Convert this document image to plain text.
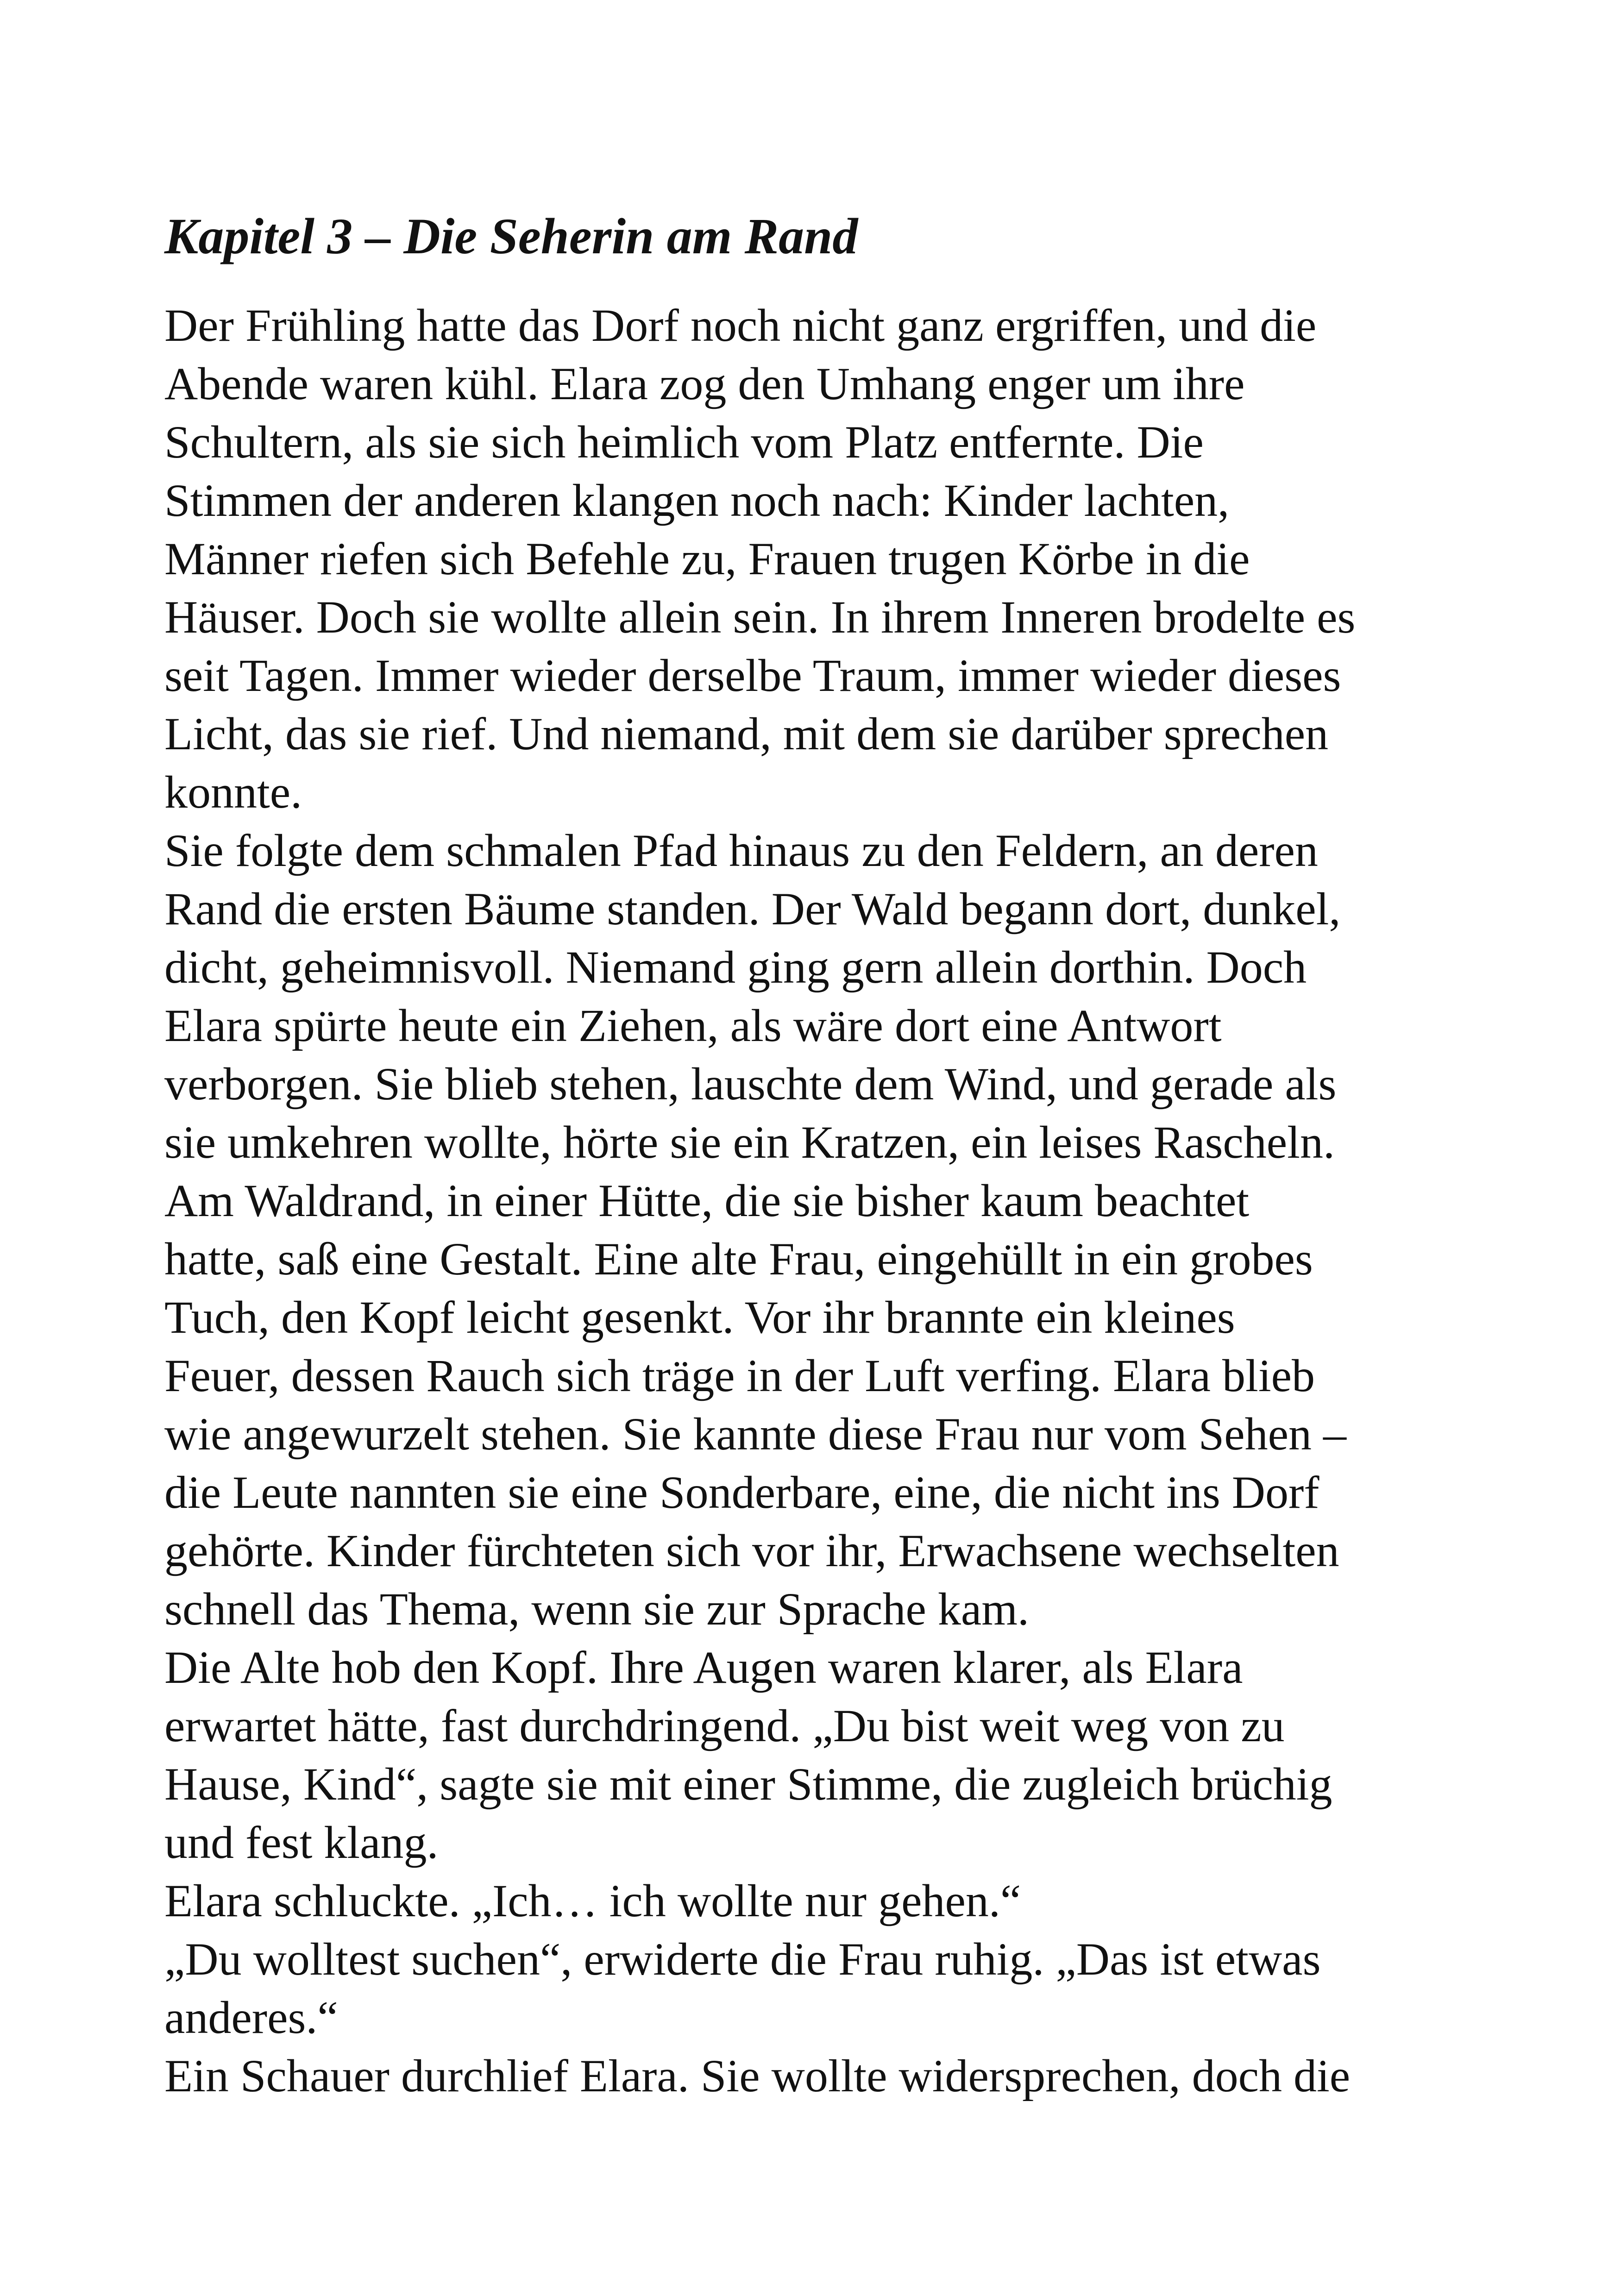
Kapitel 3 – Die Seherin am Rand

Der Frühling hatte das Dorf noch nicht ganz ergriffen, und die

Abende waren kühl. Elara zog den Umhang enger um ihre

Schultern, als sie sich heimlich vom Platz entfernte. Die

Stimmen der anderen klangen noch nach: Kinder lachten,

Männer riefen sich Befehle zu, Frauen trugen Körbe in die

Häuser. Doch sie wollte allein sein. In ihrem Inneren brodelte es

seit Tagen. Immer wieder derselbe Traum, immer wieder dieses

Licht, das sie rief. Und niemand, mit dem sie darüber sprechen

konnte.

Sie folgte dem schmalen Pfad hinaus zu den Feldern, an deren

Rand die ersten Bäume standen. Der Wald begann dort, dunkel,

dicht, geheimnisvoll. Niemand ging gern allein dorthin. Doch

Elara spürte heute ein Ziehen, als wäre dort eine Antwort

verborgen. Sie blieb stehen, lauschte dem Wind, und gerade als

sie umkehren wollte, hörte sie ein Kratzen, ein leises Rascheln.

Am Waldrand, in einer Hütte, die sie bisher kaum beachtet

hatte, saß eine Gestalt. Eine alte Frau, eingehüllt in ein grobes

Tuch, den Kopf leicht gesenkt. Vor ihr brannte ein kleines

Feuer, dessen Rauch sich träge in der Luft verfing. Elara blieb

wie angewurzelt stehen. Sie kannte diese Frau nur vom Sehen –

die Leute nannten sie eine Sonderbare, eine, die nicht ins Dorf

gehörte. Kinder fürchteten sich vor ihr, Erwachsene wechselten

schnell das Thema, wenn sie zur Sprache kam.

Die Alte hob den Kopf. Ihre Augen waren klarer, als Elara

erwartet hätte, fast durchdringend. „Du bist weit weg von zu

Hause, Kind“, sagte sie mit einer Stimme, die zugleich brüchig

und fest klang.

Elara schluckte. „Ich… ich wollte nur gehen.“

„Du wolltest suchen“, erwiderte die Frau ruhig. „Das ist etwas

anderes.“

Ein Schauer durchlief Elara. Sie wollte widersprechen, doch die
